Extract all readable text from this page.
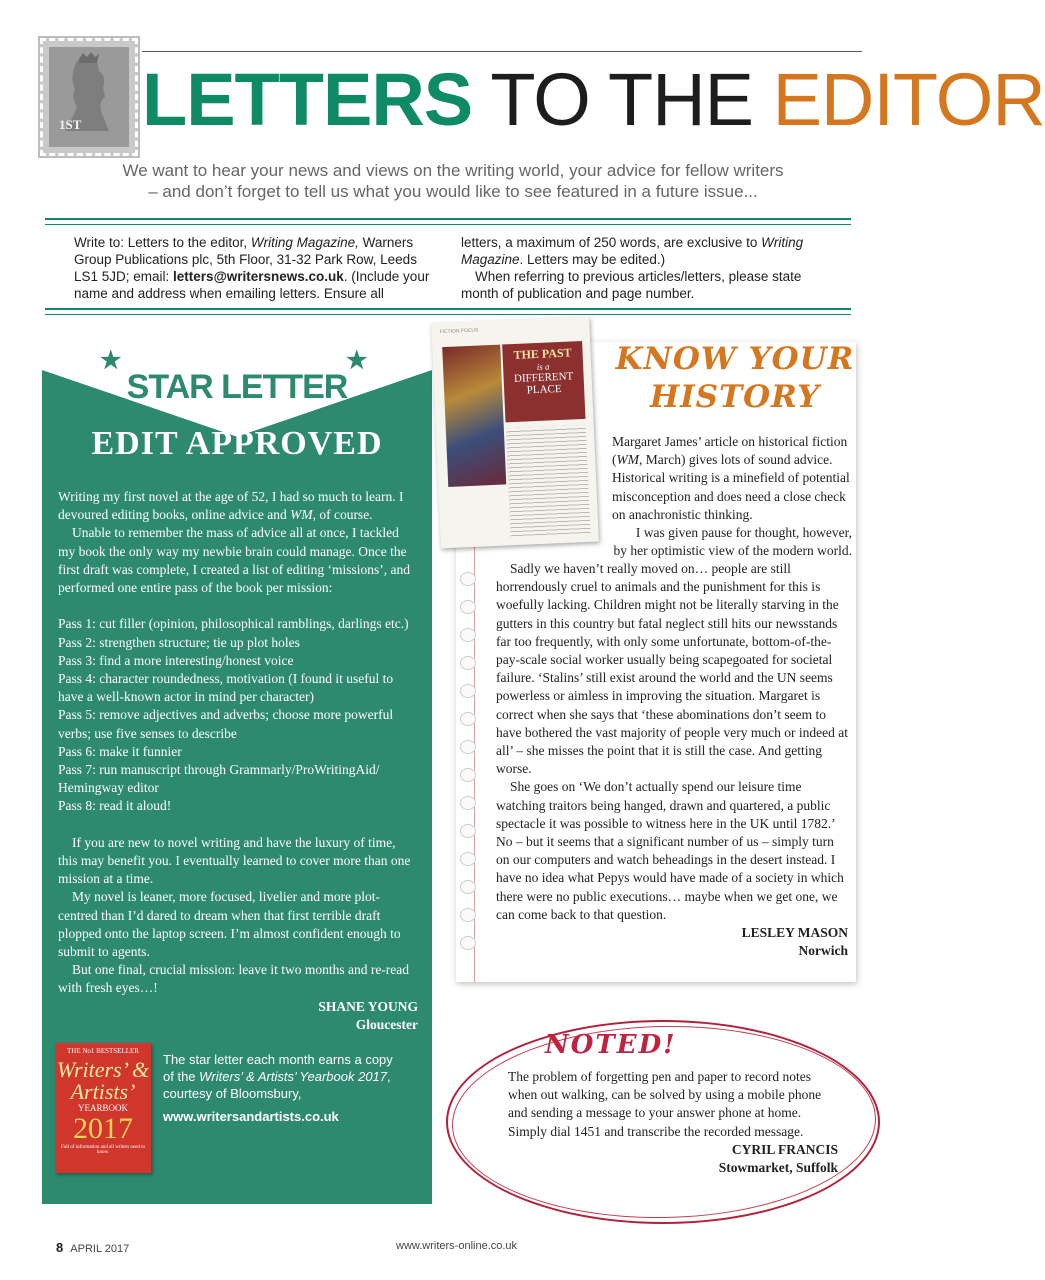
1ST LETTERS TO THE EDITOR
We want to hear your news and views on the writing world, your advice for fellow writers
– and don’t forget to tell us what you would like to see featured in a future issue...
Write to: Letters to the editor, Writing Magazine, Warners Group Publications plc, 5th Floor, 31-32 Park Row, Leeds LS1 5JD; email: letters@writersnews.co.uk. (Include your name and address when emailing letters. Ensure all
letters, a maximum of 250 words, are exclusive to Writing Magazine. Letters may be edited.)
When referring to previous articles/letters, please state month of publication and page number.
★
STAR LETTER
★
EDIT APPROVED

Writing my first novel at the age of 52, I had so much to learn. I devoured editing books, online advice and WM, of course.

Unable to remember the mass of advice all at once, I tackled my book the only way my newbie brain could manage. Once the first draft was complete, I created a list of editing ‘missions’, and performed one entire pass of the book per mission:

Pass 1: cut filler (opinion, philosophical ramblings, darlings etc.)

Pass 2: strengthen structure; tie up plot holes

Pass 3: find a more interesting/honest voice

Pass 4: character roundedness, motivation (I found it useful to have a well-known actor in mind per character)

Pass 5: remove adjectives and adverbs; choose more powerful verbs; use five senses to describe

Pass 6: make it funnier

Pass 7: run manuscript through Grammarly/ProWritingAid/ Hemingway editor

Pass 8: read it aloud!

If you are new to novel writing and have the luxury of time, this may benefit you. I eventually learned to cover more than one mission at a time.

My novel is leaner, more focused, livelier and more plot-centred than I’d dared to dream when that first terrible draft plopped onto the laptop screen. I’m almost confident enough to submit to agents.

But one final, crucial mission: leave it two months and re-read with fresh eyes…!

SHANE YOUNG

Gloucester

THE No1 BESTSELLER
Writers’ & Artists’
YEARBOOK
2017
Full of information and all writers need to know.
The star letter each month earns a copy of the Writers’ & Artists’ Yearbook 2017, courtesy of Bloomsbury,
www.writersandartists.co.uk
FICTION FOCUS
THE PAST
is a
DIFFERENT
PLACE
KNOW YOUR
HISTORY

Margaret James’ article on historical fiction (WM, March) gives lots of sound advice. Historical writing is a minefield of potential misconception and does need a close check on anachronistic thinking.

I was given pause for thought, however, by her optimistic view of the modern world.

Sadly we haven’t really moved on… people are still horrendously cruel to animals and the punishment for this is woefully lacking. Children might not be literally starving in the gutters in this country but fatal neglect still hits our newsstands far too frequently, with only some unfortunate, bottom-of-the-pay-scale social worker usually being scapegoated for societal failure. ‘Stalins’ still exist around the world and the UN seems powerless or aimless in improving the situation. Margaret is correct when she says that ‘these abominations don’t seem to have bothered the vast majority of people very much or indeed at all’ – she misses the point that it is still the case. And getting worse.

She goes on ‘We don’t actually spend our leisure time watching traitors being hanged, drawn and quartered, a public spectacle it was possible to witness here in the UK until 1782.’ No – but it seems that a significant number of us – simply turn on our computers and watch beheadings in the desert instead. I have no idea what Pepys would have made of a society in which there were no public executions… maybe when we get one, we can come back to that question.

LESLEY MASON

Norwich

NOTED!

The problem of forgetting pen and paper to record notes when out walking, can be solved by using a mobile phone and sending a message to your answer phone at home. Simply dial 1451 and transcribe the recorded message.

CYRIL FRANCIS

Stowmarket, Suffolk

8 APRIL 2017	www.writers-online.co.uk
